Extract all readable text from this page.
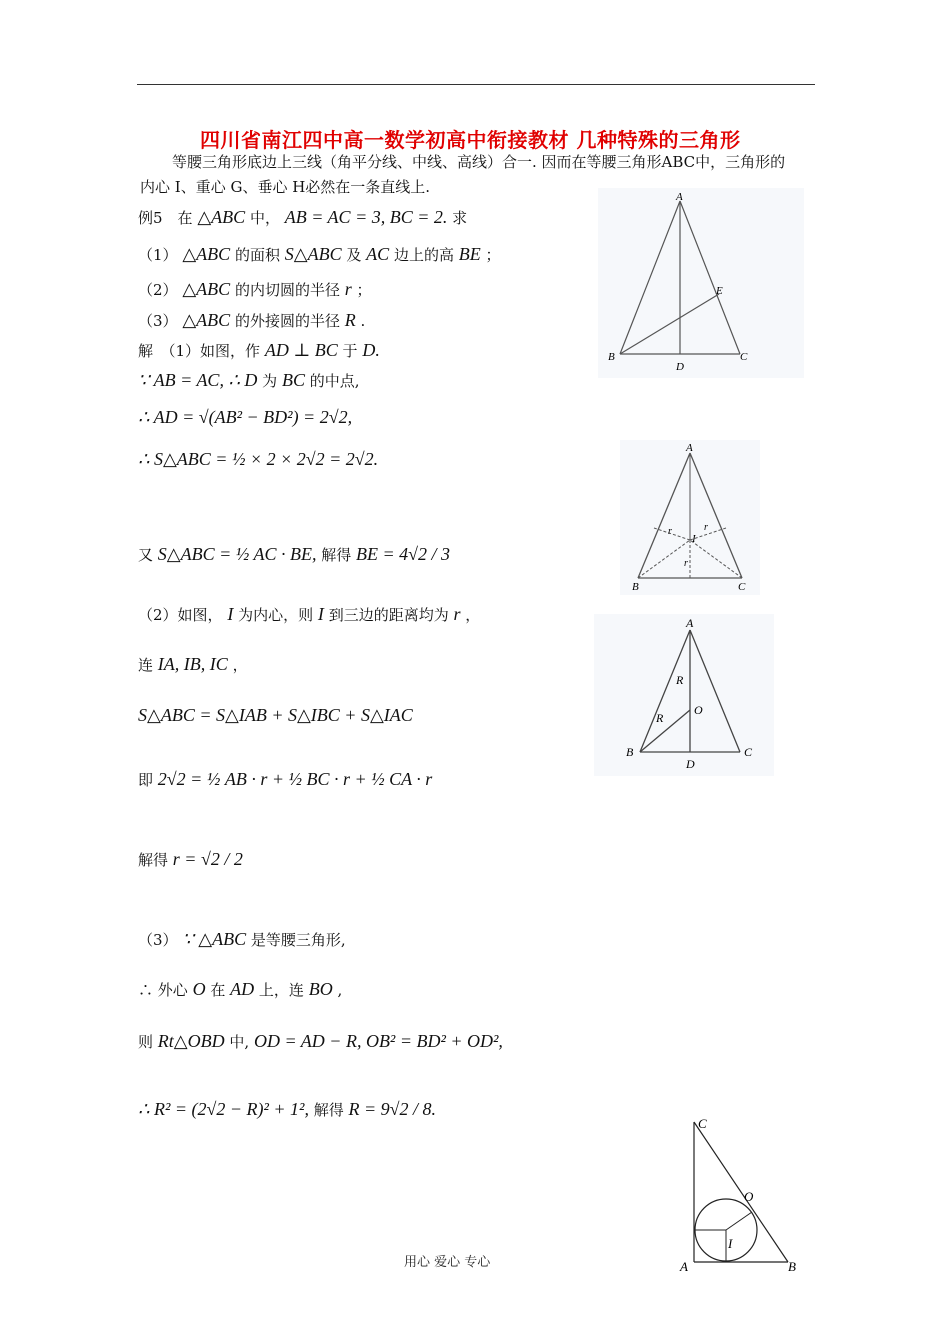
四川省南江四中高一数学初高中衔接教材 几种特殊的三角形
等腰三角形底边上三线（角平分线、中线、高线）合一. 因而在等腰三角形ABC中，三角形的
内心 I、重心 G、垂心 H必然在一条直线上.
例5　在 △ABC 中， AB = AC = 3, BC = 2. 求
（1） △ABC 的面积 S△ABC 及 AC 边上的高 BE ；
（2） △ABC 的内切圆的半径 r ；
（3） △ABC 的外接圆的半径 R .
解　（1）如图，作 AD ⊥ BC 于 D.
∵ AB = AC, ∴ D 为 BC 的中点,
∴ AD = √(AB² − BD²) = 2√2,
∴ S△ABC = ½ × 2 × 2√2 = 2√2.
又 S△ABC = ½ AC · BE, 解得 BE = 4√2 / 3
（2）如图， I 为内心，则 I 到三边的距离均为 r ，
连 IA, IB, IC ，
S△ABC = S△IAB + S△IBC + S△IAC
即 2√2 = ½ AB · r + ½ BC · r + ½ CA · r
解得 r = √2 / 2
（3） ∵ △ABC 是等腰三角形,
∴ 外心 O 在 AD 上，连 BO ,
则 Rt△OBD 中, OD = AD − R, OB² = BD² + OD²,
∴ R² = (2√2 − R)² + 1², 解得 R = 9√2 / 8.
A
B	C
D
E
A
B	C
I
r	r
r
A
B	C
D
O
R
R
C
A	B
O
I
用心 爱心 专心
